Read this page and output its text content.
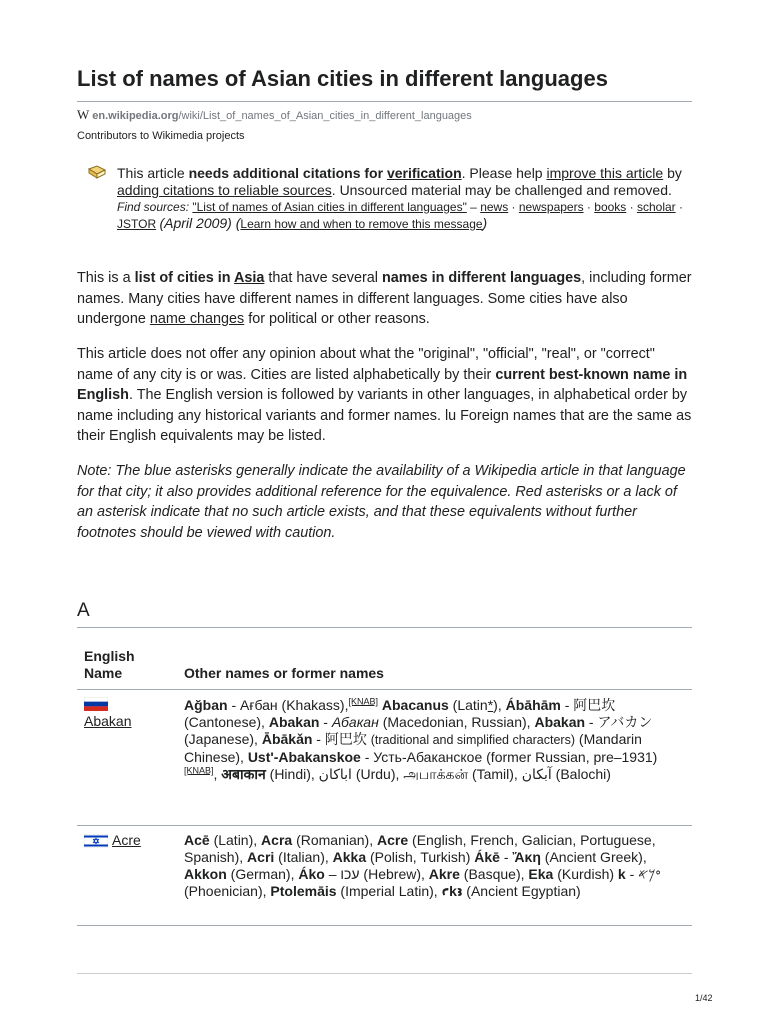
List of names of Asian cities in different languages
W en.wikipedia.org/wiki/List_of_names_of_Asian_cities_in_different_languages
Contributors to Wikimedia projects
This article needs additional citations for verification. Please help improve this article by adding citations to reliable sources. Unsourced material may be challenged and removed.
Find sources: "List of names of Asian cities in different languages" – news · newspapers · books · scholar · JSTOR (April 2009) (Learn how and when to remove this message)

This is a list of cities in Asia that have several names in different languages, including former names. Many cities have different names in different languages. Some cities have also undergone name changes for political or other reasons.

This article does not offer any opinion about what the "original", "official", "real", or "correct" name of any city is or was. Cities are listed alphabetically by their current best-known name in English. The English version is followed by variants in other languages, in alphabetical order by name including any historical variants and former names. lu Foreign names that are the same as their English equivalents may be listed.

Note: The blue asterisks generally indicate the availability of a Wikipedia article in that language for that city; it also provides additional reference for the equivalence. Red asterisks or a lack of an asterisk indicate that no such article exists, and that these equivalents without further footnotes should be viewed with caution.

A
English Name	Other names or former names
Abakan
Ağban - Ағбан (Khakass),[KNAB] Abacanus (Latin*), Ábāhām - 阿巴坎 (Cantonese), Abakan - Абакан (Macedonian, Russian), Abakan - アバカン (Japanese), Ābākǎn - 阿巴坎 (traditional and simplified characters) (Mandarin Chinese), Ust'-Abakanskoe - Усть-Абаканское (former Russian, pre–1931)[KNAB], अबाकान (Hindi), اباکان (Urdu), அபாக்கன் (Tamil), آبکان (Balochi)
Acre	Acē (Latin), Acra (Romanian), Acre (English, French, Galician, Portuguese, Spanish), Acri (Italian), Akka (Polish, Turkish) Ákē - Ἄκη (Ancient Greek), Akkon (German), Áko – עכו (Hebrew), Akre (Basque), Eka (Kurdish) k - 𐤏𐤊𐤀 (Phoenician), Ptolemāis (Imperial Latin), ꜥkꜣ (Ancient Egyptian)
1/42
